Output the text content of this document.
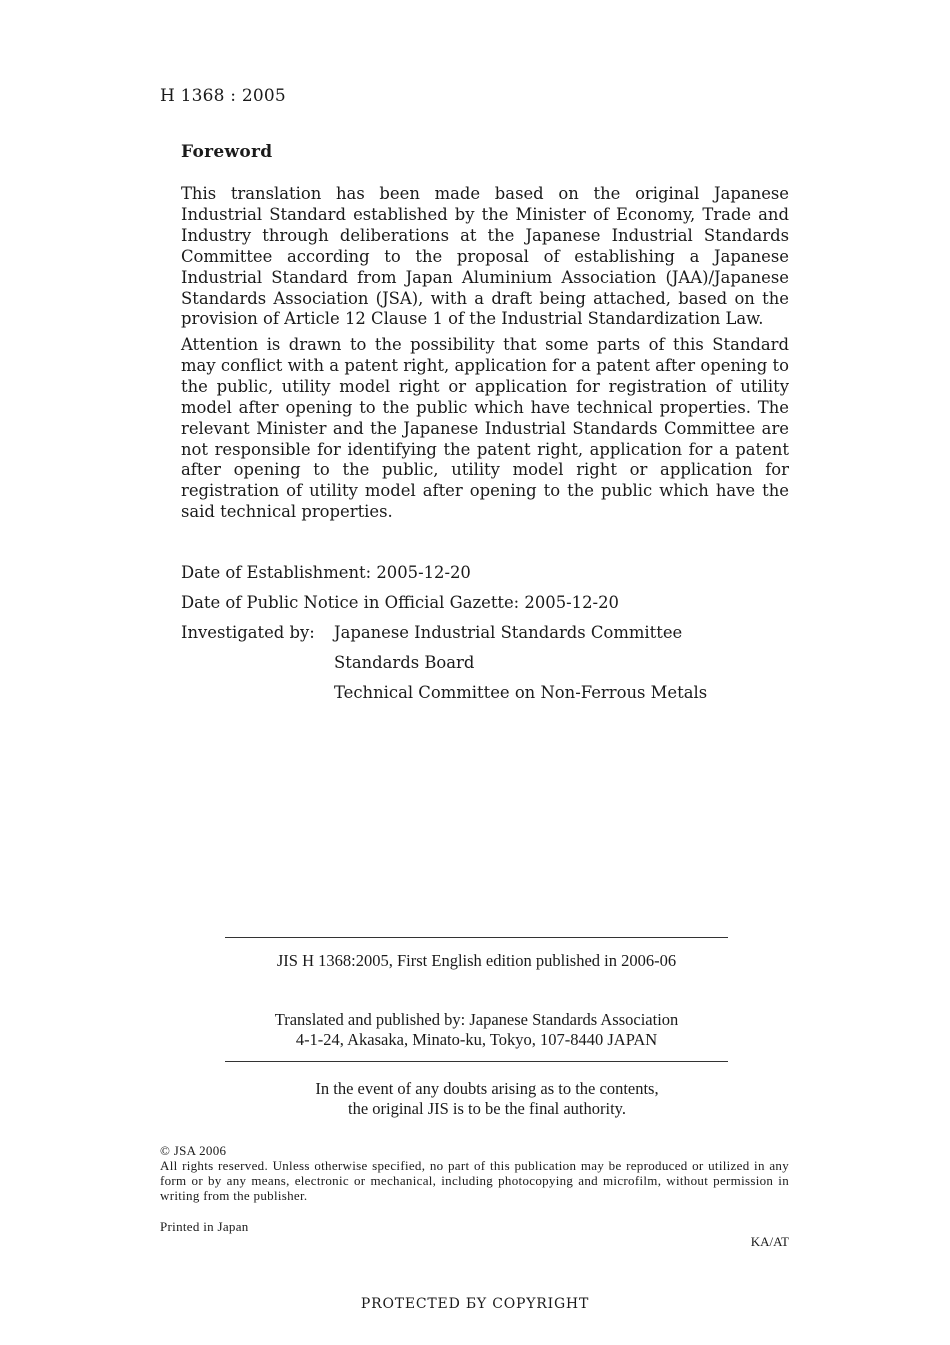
H 1368 : 2005
Foreword

This translation has been made based on the original Japanese Industrial Standard established by the Minister of Economy, Trade and Industry through deliberations at the Japanese Industrial Standards Committee according to the proposal of establishing a Japanese Industrial Standard from Japan Aluminium Association (JAA)/Japanese Standards Association (JSA), with a draft being attached, based on the provision of Article 12 Clause 1 of the Industrial Standardization Law.

Attention is drawn to the possibility that some parts of this Standard may conflict with a patent right, application for a patent after opening to the public, utility model right or application for registration of utility model after opening to the public which have technical properties. The relevant Minister and the Japanese Industrial Standards Committee are not responsible for identifying the patent right, application for a patent after opening to the public, utility model right or application for registration of utility model after opening to the public which have the said technical properties.

Date of Establishment: 2005-12-20
Date of Public Notice in Official Gazette: 2005-12-20
Investigated by: Japanese Industrial Standards Committee
Standards Board
Technical Committee on Non-Ferrous Metals
JIS H 1368:2005, First English edition published in 2006-06
Translated and published by: Japanese Standards Association
4-1-24, Akasaka, Minato-ku, Tokyo, 107-8440 JAPAN
In the event of any doubts arising as to the contents,
the original JIS is to be the final authority.
© JSA 2006
All rights reserved. Unless otherwise specified, no part of this publication may be reproduced or utilized in any form or by any means, electronic or mechanical, including photocopying and microfilm, without permission in writing from the publisher.
Printed in Japan
KA/AT
PROTECTED БY COPYRIGHT
